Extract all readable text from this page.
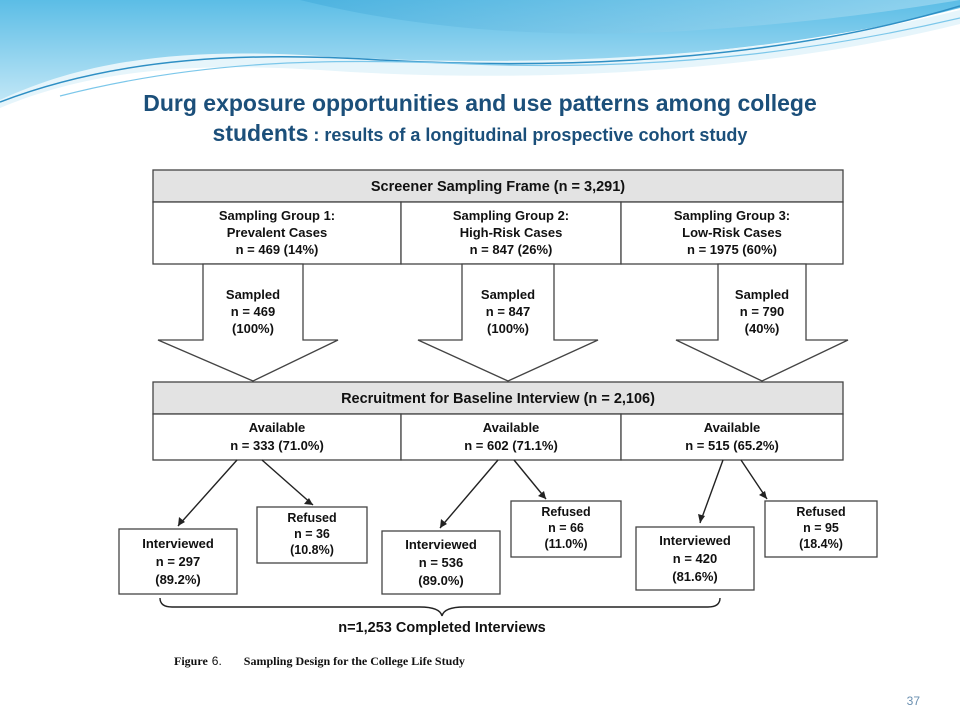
Durg exposure opportunities and use patterns among college
students : results of a longitudinal prospective cohort study
Screener Sampling Frame (n = 3,291)
Sampling Group 1: Prevalent Cases n = 469 (14%)
Sampling Group 2: High-Risk Cases n = 847 (26%)
Sampling Group 3: Low-Risk Cases n = 1975 (60%)
Sampled n = 469 (100%)
Sampled n = 847 (100%)
Sampled n = 790 (40%)
Recruitment for Baseline Interview (n = 2,106)
Available n = 333 (71.0%)
Available n = 602 (71.1%)
Available n = 515 (65.2%)
Interviewed n = 297 (89.2%)
Interviewed n = 536 (89.0%)
Interviewed n = 420 (81.6%)
Refused n = 36 (10.8%)
Refused n = 66 (11.0%)
Refused n = 95 (18.4%)
n=1,253 Completed Interviews
Figure 6. Sampling Design for the College Life Study
37
